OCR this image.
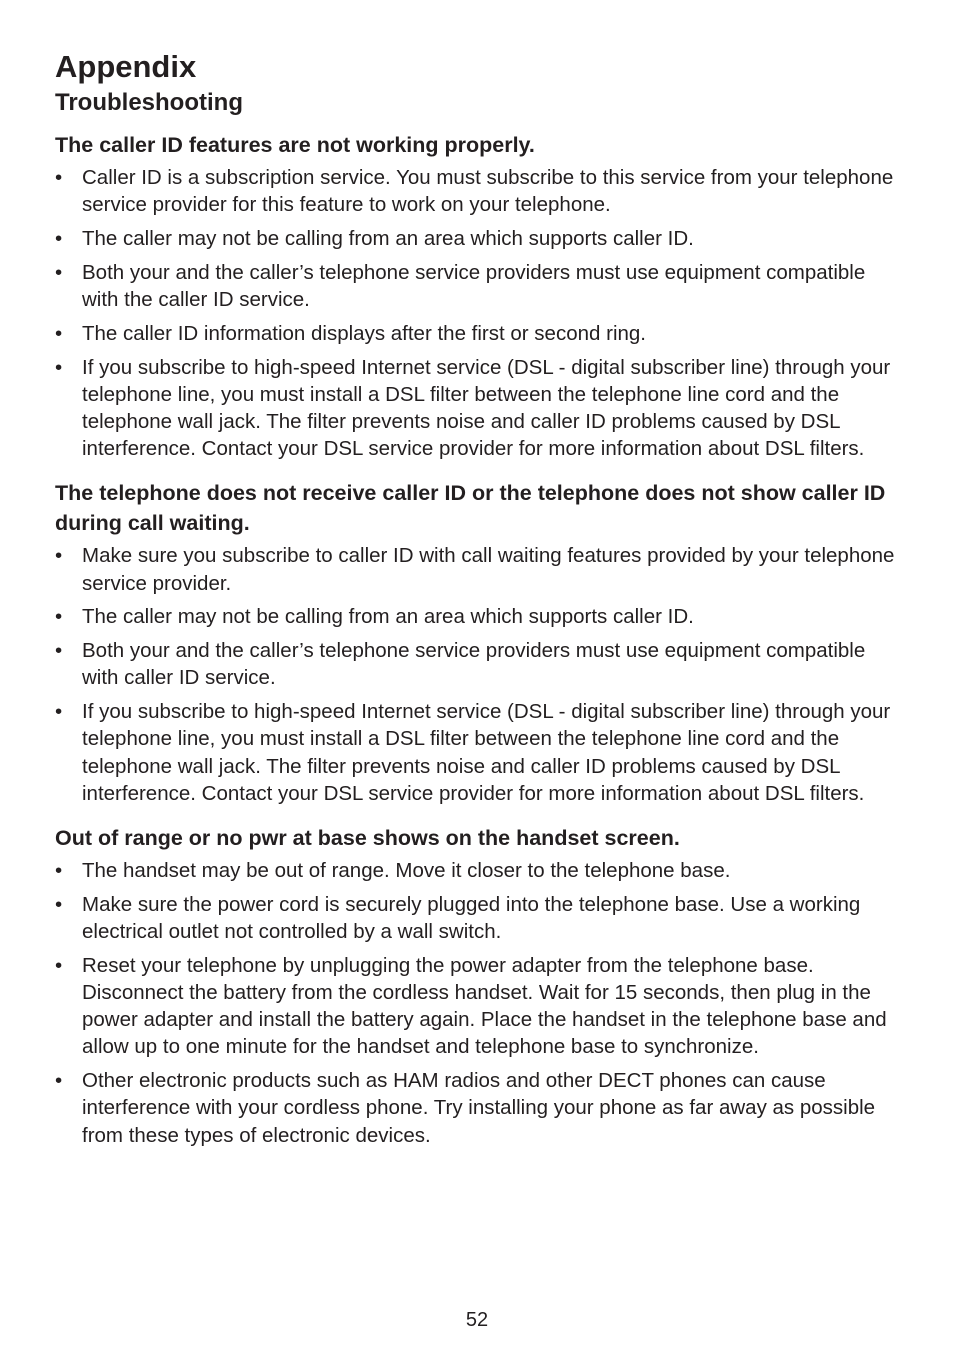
Appendix
Troubleshooting
The caller ID features are not working properly.
• Caller ID is a subscription service. You must subscribe to this service from your telephone service provider for this feature to work on your telephone.
• The caller may not be calling from an area which supports caller ID.
• Both your and the caller’s telephone service providers must use equipment compatible with the caller ID service.
• The caller ID information displays after the first or second ring.
• If you subscribe to high-speed Internet service (DSL - digital subscriber line) through your telephone line, you must install a DSL filter between the telephone line cord and the telephone wall jack. The filter prevents noise and caller ID problems caused by DSL interference. Contact your DSL service provider for more information about DSL filters.
The telephone does not receive caller ID or the telephone does not show caller ID during call waiting.
• Make sure you subscribe to caller ID with call waiting features provided by your telephone service provider.
• The caller may not be calling from an area which supports caller ID.
• Both your and the caller’s telephone service providers must use equipment compatible with caller ID service.
• If you subscribe to high-speed Internet service (DSL - digital subscriber line) through your telephone line, you must install a DSL filter between the telephone line cord and the telephone wall jack. The filter prevents noise and caller ID problems caused by DSL interference. Contact your DSL service provider for more information about DSL filters.
Out of range or no pwr at base shows on the handset screen.
• The handset may be out of range. Move it closer to the telephone base.
• Make sure the power cord is securely plugged into the telephone base. Use a working electrical outlet not controlled by a wall switch.
• Reset your telephone by unplugging the power adapter from the telephone base. Disconnect the battery from the cordless handset. Wait for 15 seconds, then plug in the power adapter and install the battery again. Place the handset in the telephone base and allow up to one minute for the handset and telephone base to synchronize.
• Other electronic products such as HAM radios and other DECT phones can cause interference with your cordless phone. Try installing your phone as far away as possible from these types of electronic devices.
52
